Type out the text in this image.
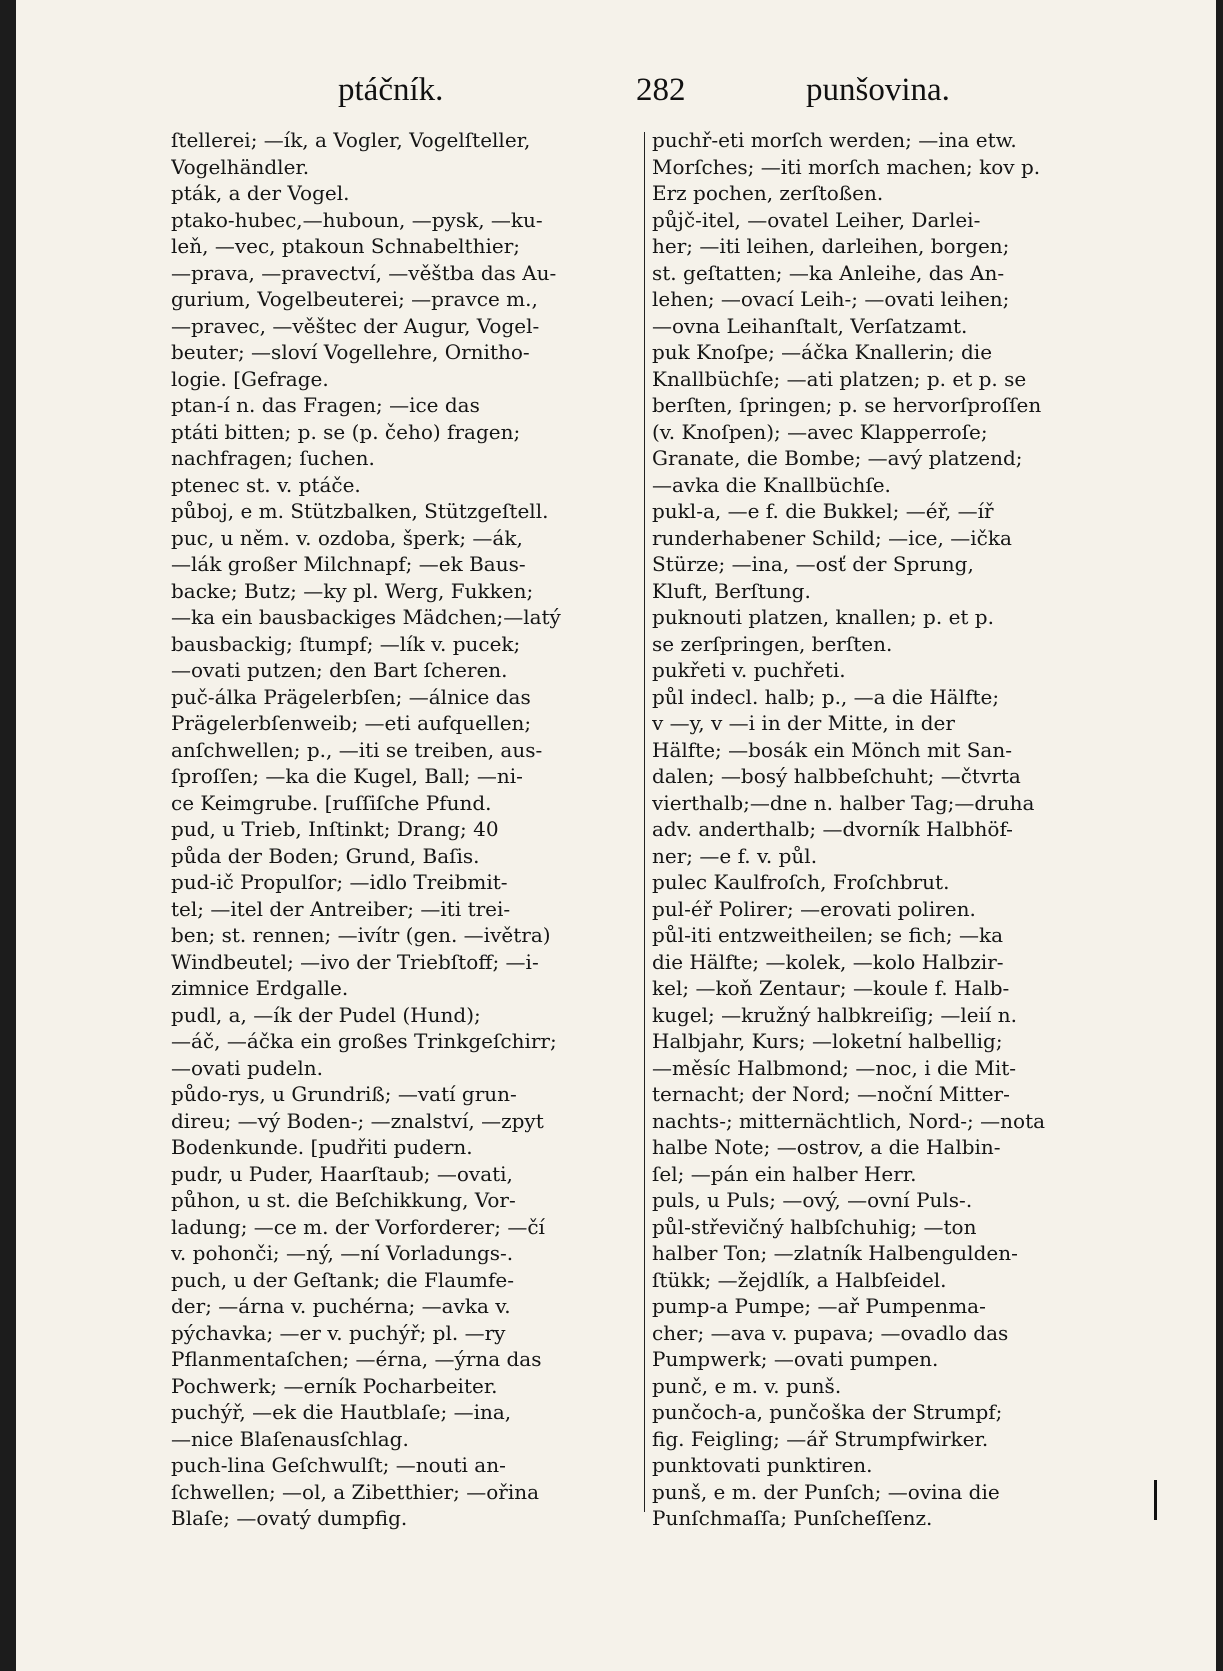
ptáčník.	282	punšovina.
ſtellerei; —ík, a Vogler, Vogelſteller,
Vogelhändler.
pták, a der Vogel.
ptako-hubec,—huboun, —pysk, —ku-
leň, —vec, ptakoun Schnabelthier;
—prava, —pravectví, —věštba das Au-
gurium, Vogelbeuterei; —pravce m.,
—pravec, —věštec der Augur, Vogel-
beuter; —sloví Vogellehre, Ornitho-
logie. [Gefrage.
ptan-í n. das Fragen; —ice das
ptáti bitten; p. se (p. čeho) fragen;
nachfragen; ſuchen.
ptenec st. v. ptáče.
půboj, e m. Stützbalken, Stützgeſtell.
puc, u něm. v. ozdoba, šperk; —ák,
—lák großer Milchnapf; —ek Baus-
backe; Butz; —ky pl. Werg, Fukken;
—ka ein bausbackiges Mädchen;—latý
bausbackig; ſtumpf; —lík v. pucek;
—ovati putzen; den Bart ſcheren.
puč-álka Prägelerbſen; —álnice das
Prägelerbſenweib; —eti aufquellen;
anſchwellen; p., —iti se treiben, aus-
ſproſſen; —ka die Kugel, Ball; —ni-
ce Keimgrube. [ruſſiſche Pfund.
pud, u Trieb, Inſtinkt; Drang; 40
půda der Boden; Grund, Baſis.
pud-ič Propulſor; —idlo Treibmit-
tel; —itel der Antreiber; —iti trei-
ben; st. rennen; —ivítr (gen. —ivětra)
Windbeutel; —ivo der Triebſtoff; —i-
zimnice Erdgalle.
pudl, a, —ík der Pudel (Hund);
—áč, —áčka ein großes Trinkgeſchirr;
—ovati pudeln.
půdo-rys, u Grundriß; —vatí grun-
direu; —vý Boden-; —znalství, —zpyt
Bodenkunde. [pudřiti pudern.
pudr, u Puder, Haarſtaub; —ovati,
půhon, u st. die Beſchikkung, Vor-
ladung; —ce m. der Vorforderer; —čí
v. pohonči; —ný, —ní Vorladungs-.
puch, u der Geſtank; die Flaumfe-
der; —árna v. puchérna; —avka v.
pýchavka; —er v. puchýř; pl. —ry
Pflanmentaſchen; —érna, —ýrna das
Pochwerk; —erník Pocharbeiter.
puchýř, —ek die Hautblaſe; —ina,
—nice Blaſenausſchlag.
puch-lina Geſchwulſt; —nouti an-
ſchwellen; —ol, a Zibetthier; —ořina
Blaſe; —ovatý dumpfig.
puchř-eti morſch werden; —ina etw.
Morſches; —iti morſch machen; kov p.
Erz pochen, zerſtoßen.
půjč-itel, —ovatel Leiher, Darlei-
her; —iti leihen, darleihen, borgen;
st. geſtatten; —ka Anleihe, das An-
lehen; —ovací Leih-; —ovati leihen;
—ovna Leihanſtalt, Verſatzamt.
puk Knoſpe; —áčka Knallerin; die
Knallbüchſe; —ati platzen; p. et p. se
berſten, ſpringen; p. se hervorſproſſen
(v. Knoſpen); —avec Klapperroſe;
Granate, die Bombe; —avý platzend;
—avka die Knallbüchſe.
pukl-a, —e f. die Bukkel; —éř, —íř
runderhabener Schild; —ice, —ička
Stürze; —ina, —osť der Sprung,
Kluft, Berſtung.
puknouti platzen, knallen; p. et p.
se zerſpringen, berſten.
pukřeti v. puchřeti.
půl indecl. halb; p., —a die Hälfte;
v —y, v —i in der Mitte, in der
Hälfte; —bosák ein Mönch mit San-
dalen; —bosý halbbeſchuht; —čtvrta
vierthalb;—dne n. halber Tag;—druha
adv. anderthalb; —dvorník Halbhöf-
ner; —e f. v. půl.
pulec Kaulfroſch, Froſchbrut.
pul-éř Polirer; —erovati poliren.
půl-iti entzweitheilen; se fich; —ka
die Hälfte; —kolek, —kolo Halbzir-
kel; —koň Zentaur; —koule f. Halb-
kugel; —kružný halbkreiſig; —leií n.
Halbjahr, Kurs; —loketní halbellig;
—měsíc Halbmond; —noc, i die Mit-
ternacht; der Nord; —noční Mitter-
nachts-; mitternächtlich, Nord-; —nota
halbe Note; —ostrov, a die Halbin-
ſel; —pán ein halber Herr.
puls, u Puls; —ový, —ovní Puls-.
půl-střevičný halbſchuhig; —ton
halber Ton; —zlatník Halbengulden-
ſtükk; —žejdlík, a Halbſeidel.
pump-a Pumpe; —ař Pumpenma-
cher; —ava v. pupava; —ovadlo das
Pumpwerk; —ovati pumpen.
punč, e m. v. punš.
punčoch-a, punčoška der Strumpf;
fig. Feigling; —ář Strumpfwirker.
punktovati punktiren.
punš, e m. der Punſch; —ovina die
Punſchmaſſa; Punſcheſſenz.
